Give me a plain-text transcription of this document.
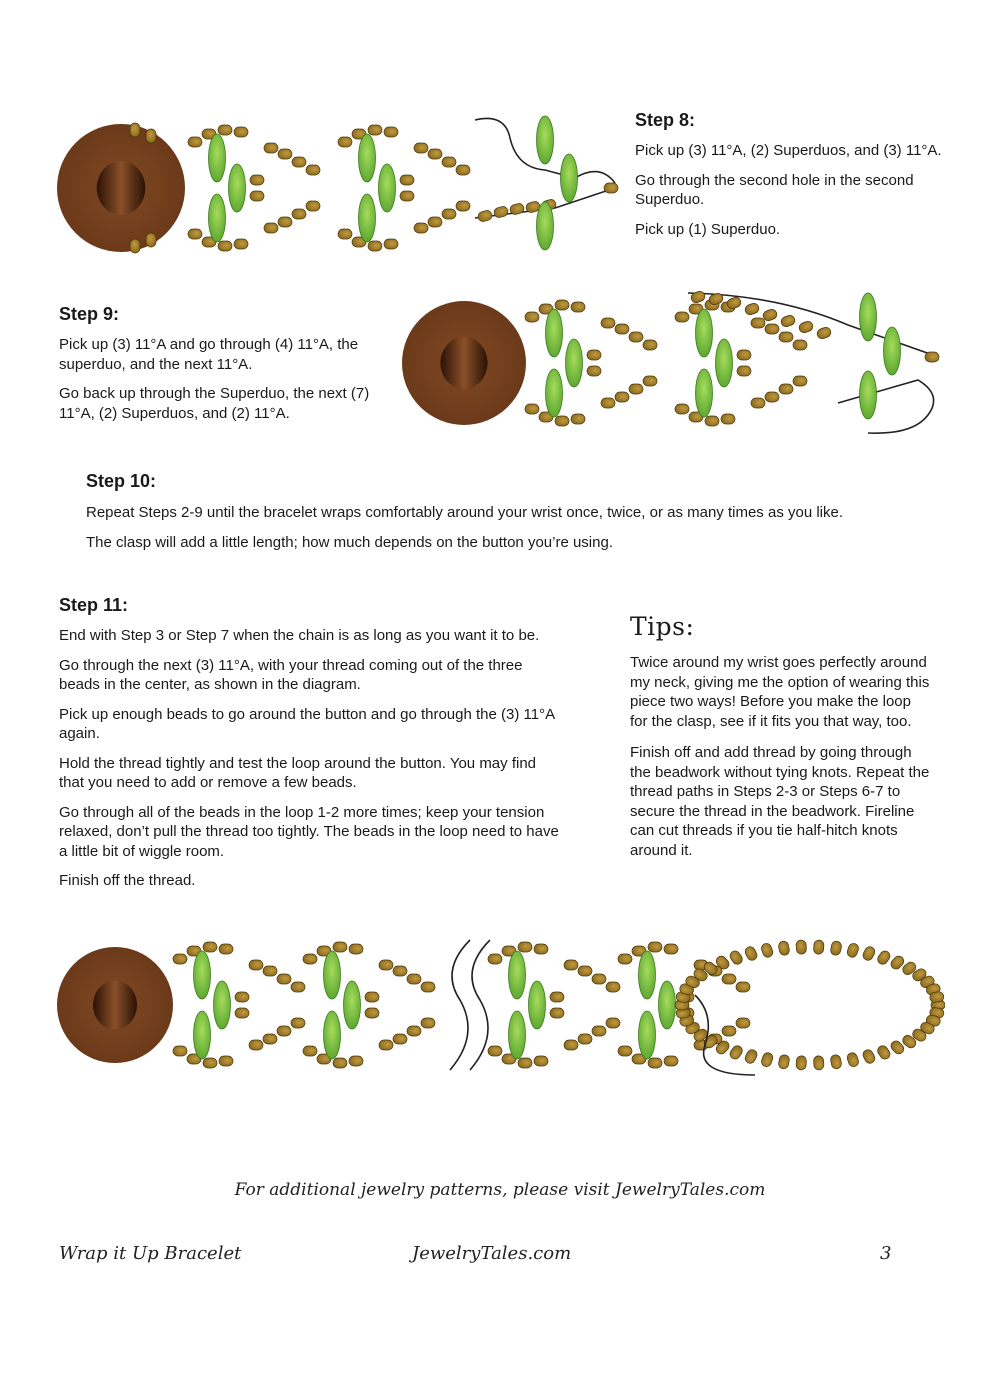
Step 8:

Pick up (3) 11°A, (2) Superduos, and (3) 11°A.

Go through the second hole in the second Superduo.

Pick up (1) Superduo.

Step 9:

Pick up (3) 11°A and go through (4) 11°A, the superduo, and the next 11°A.

Go back up through the Superduo, the next (7) 11°A, (2) Superduos, and (2) 11°A.

Step 10:

Repeat Steps 2-9 until the bracelet wraps comfortably around your wrist once, twice, or as many times as you like.

The clasp will add a little length; how much depends on the button you’re using.

Step 11:

End with Step 3 or Step 7 when the chain is as long as you want it to be.

Go through the next (3) 11°A, with your thread coming out of the three beads in the center, as shown in the diagram.

Pick up enough beads to go around the button and go through the (3) 11°A again.

Hold the thread tightly and test the loop around the button. You may find that you need to add or remove a few beads.

Go through all of the beads in the loop 1-2 more times; keep your tension relaxed, don’t pull the thread too tightly. The beads in the loop need to have a little bit of wiggle room.

Finish off the thread.

Tips:

Twice around my wrist goes perfectly around my neck, giving me the option of wearing this piece two ways! Before you make the loop for the clasp, see if it fits you that way, too.

Finish off and add thread by going through the beadwork without tying knots. Repeat the thread paths in Steps 2-3 or Steps 6-7 to secure the thread in the beadwork. Fireline can cut threads if you tie half-hitch knots around it.

For additional jewelry patterns, please visit JewelryTales.com
Wrap it Up Bracelet	JewelryTales.com	3
